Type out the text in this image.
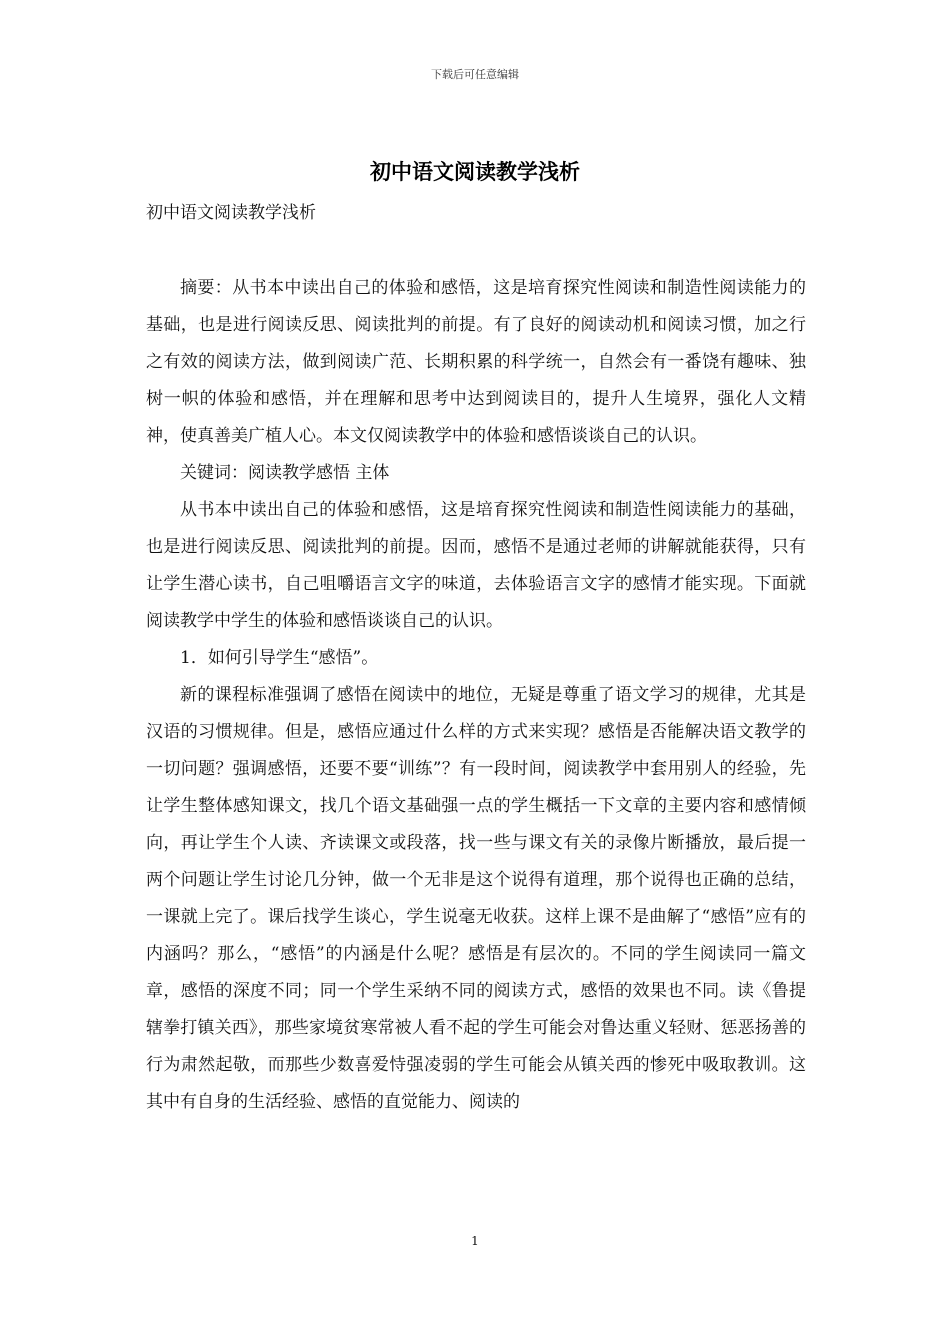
下载后可任意编辑
初中语文阅读教学浅析
初中语文阅读教学浅析

摘要：从书本中读出自己的体验和感悟，这是培育探究性阅读和制造性阅读能力的基础，也是进行阅读反思、阅读批判的前提。有了良好的阅读动机和阅读习惯，加之行之有效的阅读方法，做到阅读广范、长期积累的科学统一，自然会有一番饶有趣味、独树一帜的体验和感悟，并在理解和思考中达到阅读目的，提升人生境界，强化人文精神，使真善美广植人心。本文仅阅读教学中的体验和感悟谈谈自己的认识。

关键词：阅读教学感悟 主体

从书本中读出自己的体验和感悟，这是培育探究性阅读和制造性阅读能力的基础，也是进行阅读反思、阅读批判的前提。因而，感悟不是通过老师的讲解就能获得，只有让学生潜心读书，自己咀嚼语言文字的味道，去体验语言文字的感情才能实现。下面就阅读教学中学生的体验和感悟谈谈自己的认识。

1．如何引导学生“感悟”。

新的课程标准强调了感悟在阅读中的地位，无疑是尊重了语文学习的规律，尤其是汉语的习惯规律。但是，感悟应通过什么样的方式来实现？感悟是否能解决语文教学的一切问题？强调感悟，还要不要“训练”？有一段时间，阅读教学中套用别人的经验，先让学生整体感知课文，找几个语文基础强一点的学生概括一下文章的主要内容和感情倾向，再让学生个人读、齐读课文或段落，找一些与课文有关的录像片断播放，最后提一两个问题让学生讨论几分钟，做一个无非是这个说得有道理，那个说得也正确的总结，一课就上完了。课后找学生谈心，学生说毫无收获。这样上课不是曲解了“感悟”应有的内涵吗？那么，“感悟”的内涵是什么呢？感悟是有层次的。不同的学生阅读同一篇文章，感悟的深度不同；同一个学生采纳不同的阅读方式，感悟的效果也不同。读《鲁提辖拳打镇关西》，那些家境贫寒常被人看不起的学生可能会对鲁达重义轻财、惩恶扬善的行为肃然起敬，而那些少数喜爱恃强凌弱的学生可能会从镇关西的惨死中吸取教训。这其中有自身的生活经验、感悟的直觉能力、阅读的

1
